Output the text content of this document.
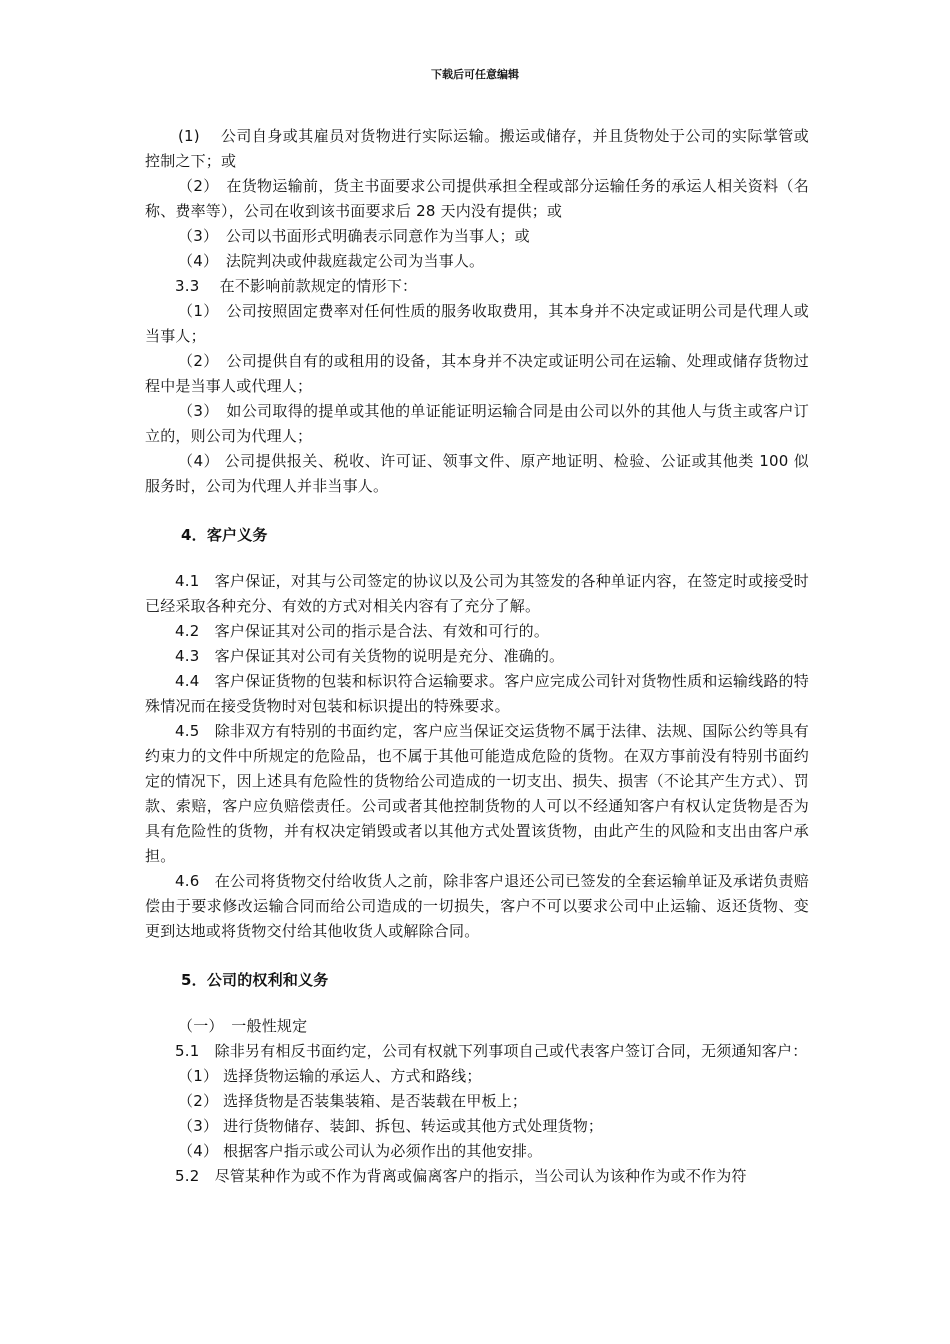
下载后可任意编辑

(1)　 公司自身或其雇员对货物进行实际运输。搬运或储存，并且货物处于公司的实际掌管或控制之下；或

（2）　在货物运输前，货主书面要求公司提供承担全程或部分运输任务的承运人相关资料（名称、费率等），公司在收到该书面要求后 28 天内没有提供；或

（3）　公司以书面形式明确表示同意作为当事人；或

（4）　法院判决或仲裁庭裁定公司为当事人。

3.3　 在不影响前款规定的情形下：

（1）　公司按照固定费率对任何性质的服务收取费用，其本身并不决定或证明公司是代理人或当事人；

（2）　公司提供自有的或租用的设备，其本身并不决定或证明公司在运输、处理或储存货物过程中是当事人或代理人；

（3）　如公司取得的提单或其他的单证能证明运输合同是由公司以外的其他人与货主或客户订立的，则公司为代理人；

（4） 公司提供报关、税收、许可证、领事文件、原产地证明、检验、公证或其他类 100 似服务时，公司为代理人并非当事人。

4．客户义务

4.1　客户保证，对其与公司签定的协议以及公司为其签发的各种单证内容，在签定时或接受时已经采取各种充分、有效的方式对相关内容有了充分了解。

4.2　客户保证其对公司的指示是合法、有效和可行的。

4.3　客户保证其对公司有关货物的说明是充分、准确的。

4.4　客户保证货物的包装和标识符合运输要求。客户应完成公司针对货物性质和运输线路的特殊情况而在接受货物时对包装和标识提出的特殊要求。

4.5　除非双方有特别的书面约定，客户应当保证交运货物不属于法律、法规、国际公约等具有约束力的文件中所规定的危险品，也不属于其他可能造成危险的货物。在双方事前没有特别书面约定的情况下，因上述具有危险性的货物给公司造成的一切支出、损失、损害（不论其产生方式）、罚款、索赔，客户应负赔偿责任。公司或者其他控制货物的人可以不经通知客户有权认定货物是否为具有危险性的货物，并有权决定销毁或者以其他方式处置该货物，由此产生的风险和支出由客户承担。

4.6　在公司将货物交付给收货人之前，除非客户退还公司已签发的全套运输单证及承诺负责赔偿由于要求修改运输合同而给公司造成的一切损失，客户不可以要求公司中止运输、返还货物、变更到达地或将货物交付给其他收货人或解除合同。

5．公司的权利和义务

（一）　一般性规定

5.1　除非另有相反书面约定，公司有权就下列事项自己或代表客户签订合同，无须通知客户：

（1） 选择货物运输的承运人、方式和路线；

（2） 选择货物是否装集装箱、是否装载在甲板上；

（3） 进行货物储存、装卸、拆包、转运或其他方式处理货物；

（4） 根据客户指示或公司认为必须作出的其他安排。

5.2　尽管某种作为或不作为背离或偏离客户的指示，当公司认为该种作为或不作为符
